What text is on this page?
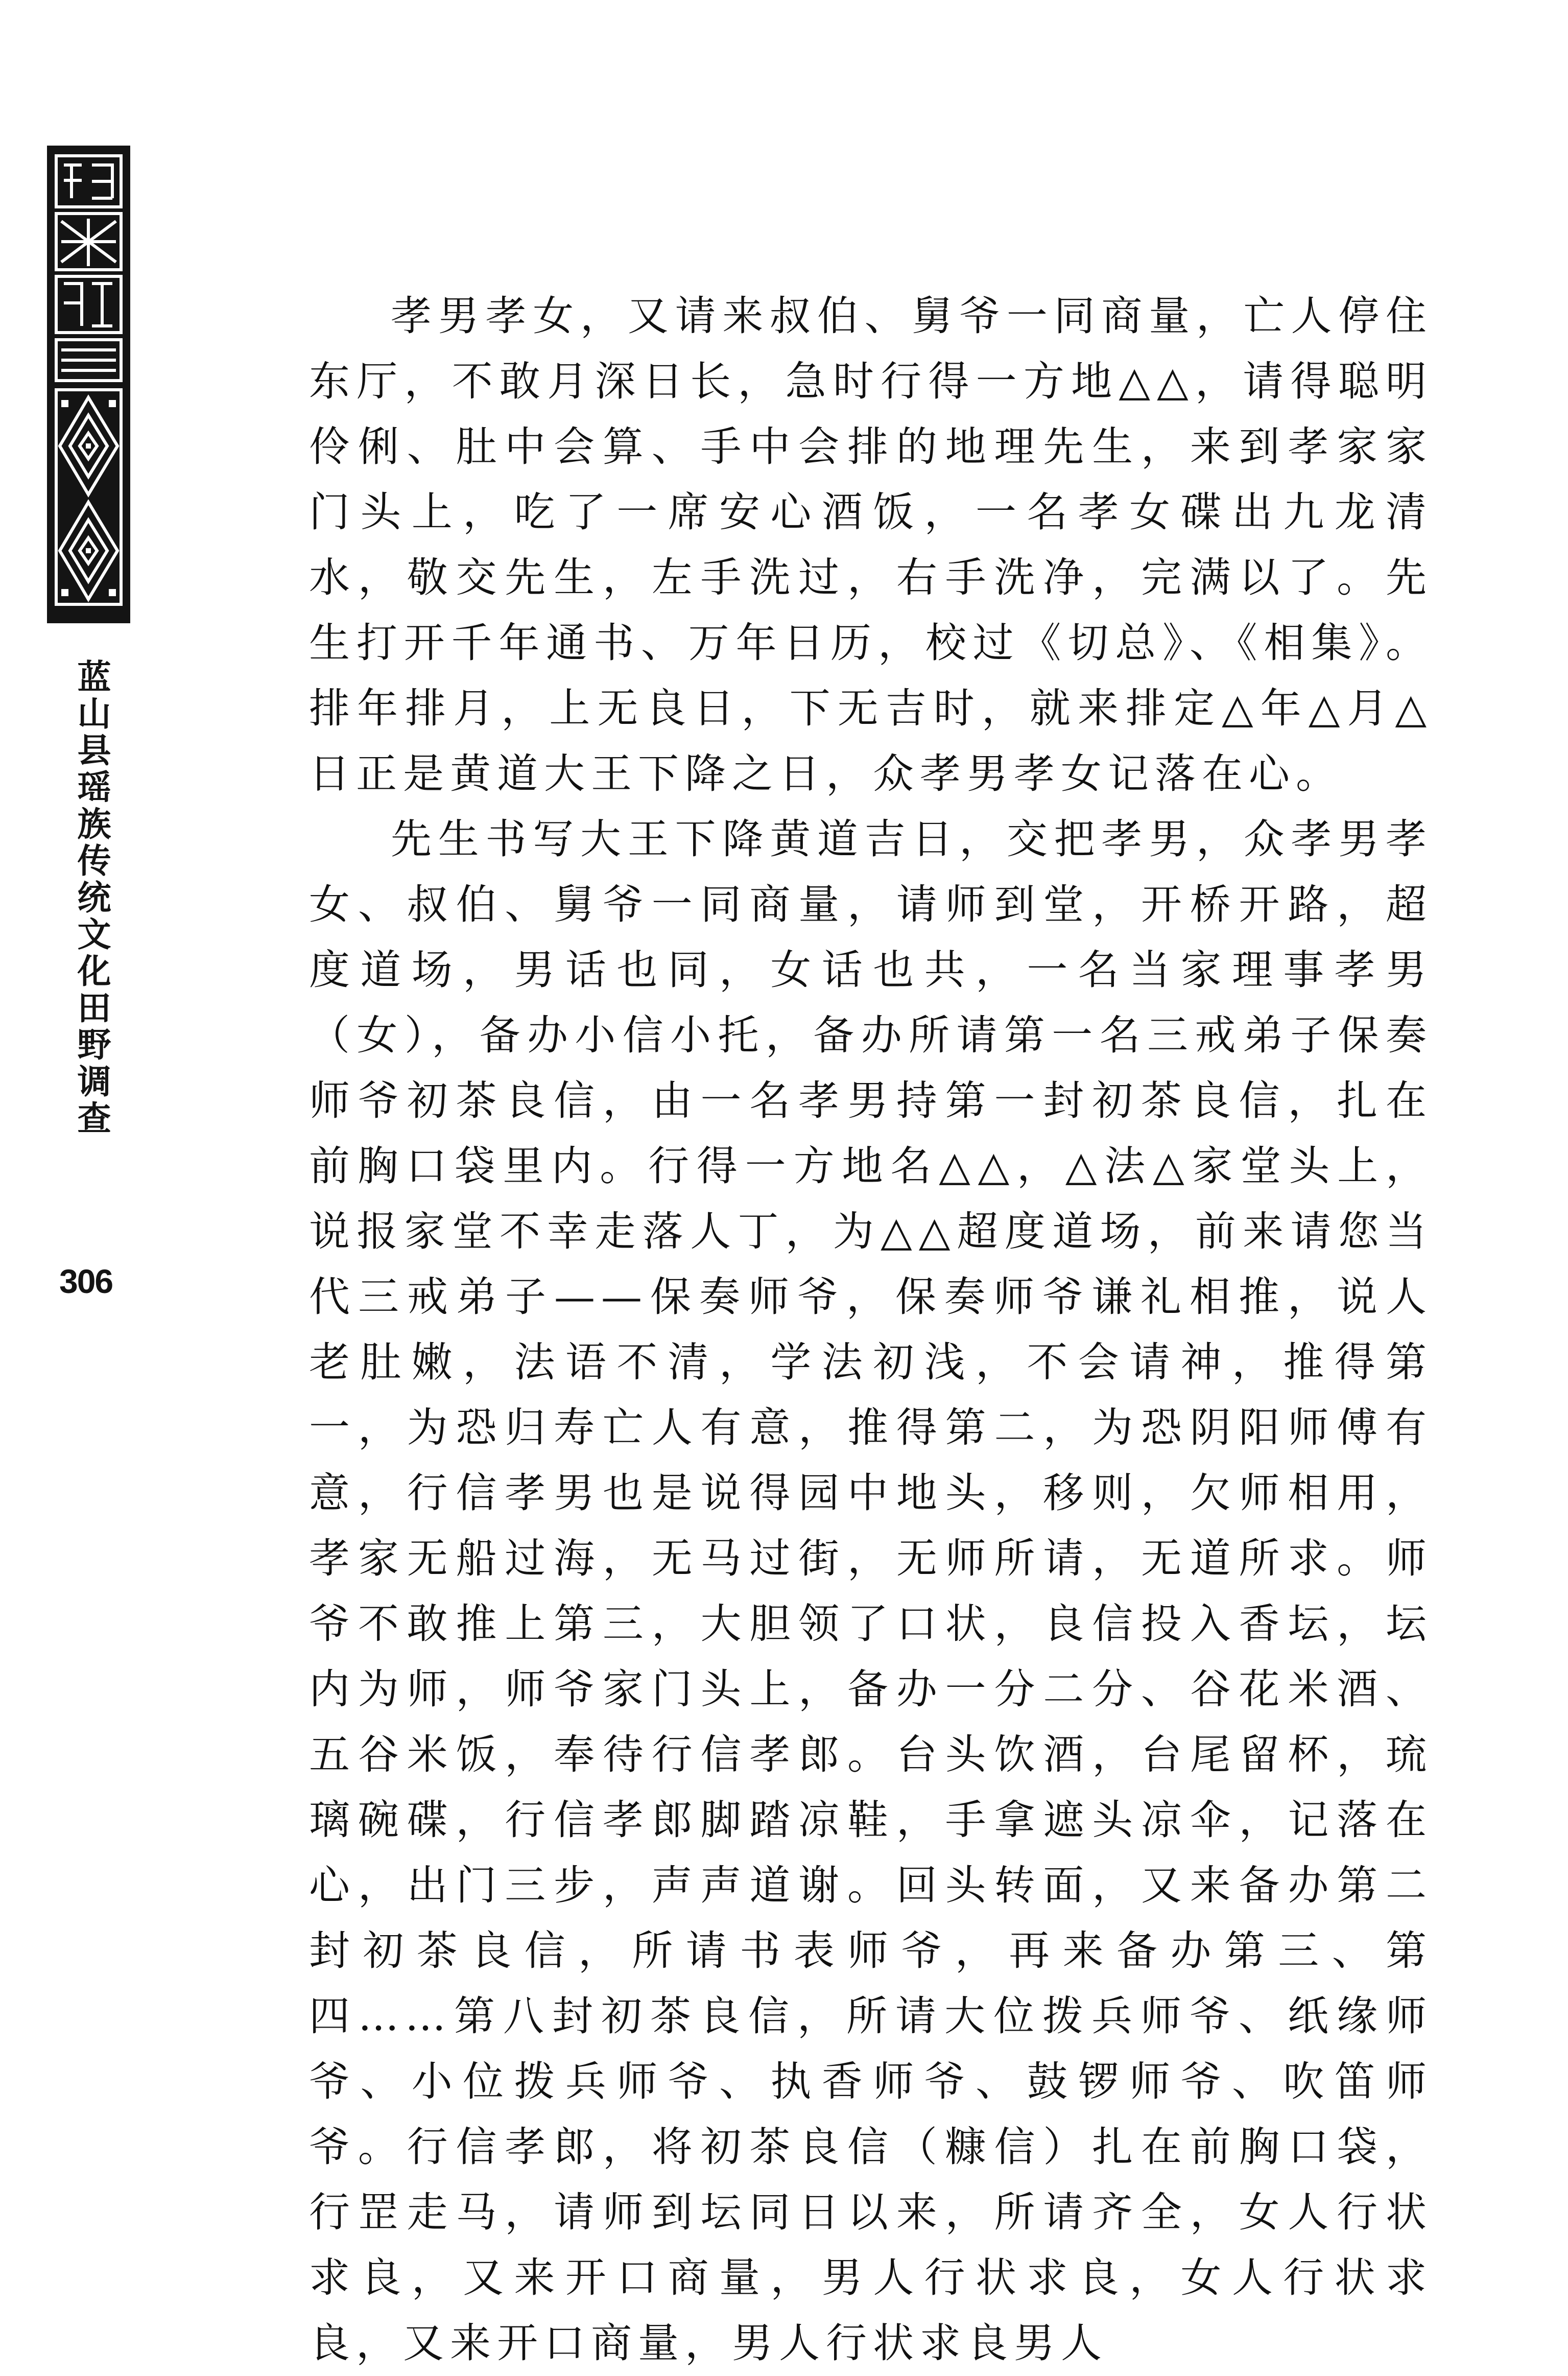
蓝山县瑶族传统文化田野调查
306

孝男孝女，又请来叔伯、舅爷一同商量，亡人停住东厅，不敢月深日长，急时行得一方地△△，请得聪明伶俐、肚中会算、手中会排的地理先生，来到孝家家门头上，吃了一席安心酒饭，一名孝女碟出九龙清水，敬交先生，左手洗过，右手洗净，完满以了。先生打开千年通书、万年日历，校过《切总》、《相集》。排年排月，上无良日，下无吉时，就来排定△年△月△日正是黄道大王下降之日，众孝男孝女记落在心。

先生书写大王下降黄道吉日，交把孝男，众孝男孝女、叔伯、舅爷一同商量，请师到堂，开桥开路，超度道场，男话也同，女话也共，一名当家理事孝男（女），备办小信小托，备办所请第一名三戒弟子保奏师爷初茶良信，由一名孝男持第一封初茶良信，扎在前胸口袋里内。行得一方地名△△，△法△家堂头上，说报家堂不幸走落人丁，为△△超度道场，前来请您当代三戒弟子——保奏师爷，保奏师爷谦礼相推，说人老肚嫩，法语不清，学法初浅，不会请神，推得第一，为恐归寿亡人有意，推得第二，为恐阴阳师傅有意，行信孝男也是说得园中地头，移则，欠师相用，孝家无船过海，无马过街，无师所请，无道所求。师爷不敢推上第三，大胆领了口状，良信投入香坛，坛内为师，师爷家门头上，备办一分二分、谷花米酒、五谷米饭，奉待行信孝郎。台头饮酒，台尾留杯，琉璃碗碟，行信孝郎脚踏凉鞋，手拿遮头凉伞，记落在心，出门三步，声声道谢。回头转面，又来备办第二封初茶良信，所请书表师爷，再来备办第三、第四……第八封初茶良信，所请大位拨兵师爷、纸缘师爷、小位拨兵师爷、执香师爷、鼓锣师爷、吹笛师爷。行信孝郎，将初茶良信（糠信）扎在前胸口袋，行罡走马，请师到坛同日以来，所请齐全，女人行状求良，又来开口商量，男人行状求良，女人行状求良，又来开口商量，男人行状求良男人
